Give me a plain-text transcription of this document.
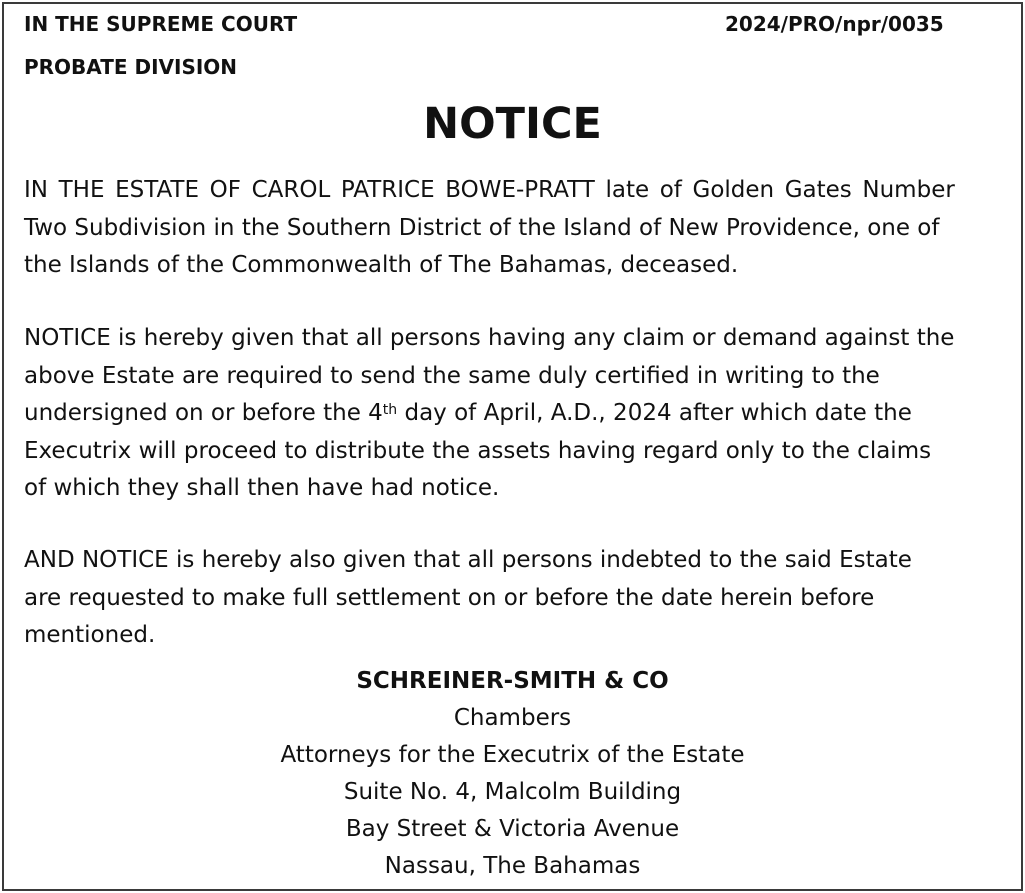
IN THE SUPREME COURT
PROBATE DIVISION
2024/PRO/npr/0035
NOTICE
IN THE ESTATE OF CAROL PATRICE BOWE-PRATT late of Golden Gates Number
Two Subdivision in the Southern District of the Island of New Providence, one of
the Islands of the Commonwealth of The Bahamas, deceased.
NOTICE is hereby given that all persons having any claim or demand against the
above Estate are required to send the same duly certified in writing to the
undersigned on or before the 4th day of April, A.D., 2024 after which date the
Executrix will proceed to distribute the assets having regard only to the claims
of which they shall then have had notice.
AND NOTICE is hereby also given that all persons indebted to the said Estate
are requested to make full settlement on or before the date herein before
mentioned.
SCHREINER-SMITH & CO
Chambers
Attorneys for the Executrix of the Estate
Suite No. 4, Malcolm Building
Bay Street & Victoria Avenue
Nassau, The Bahamas
